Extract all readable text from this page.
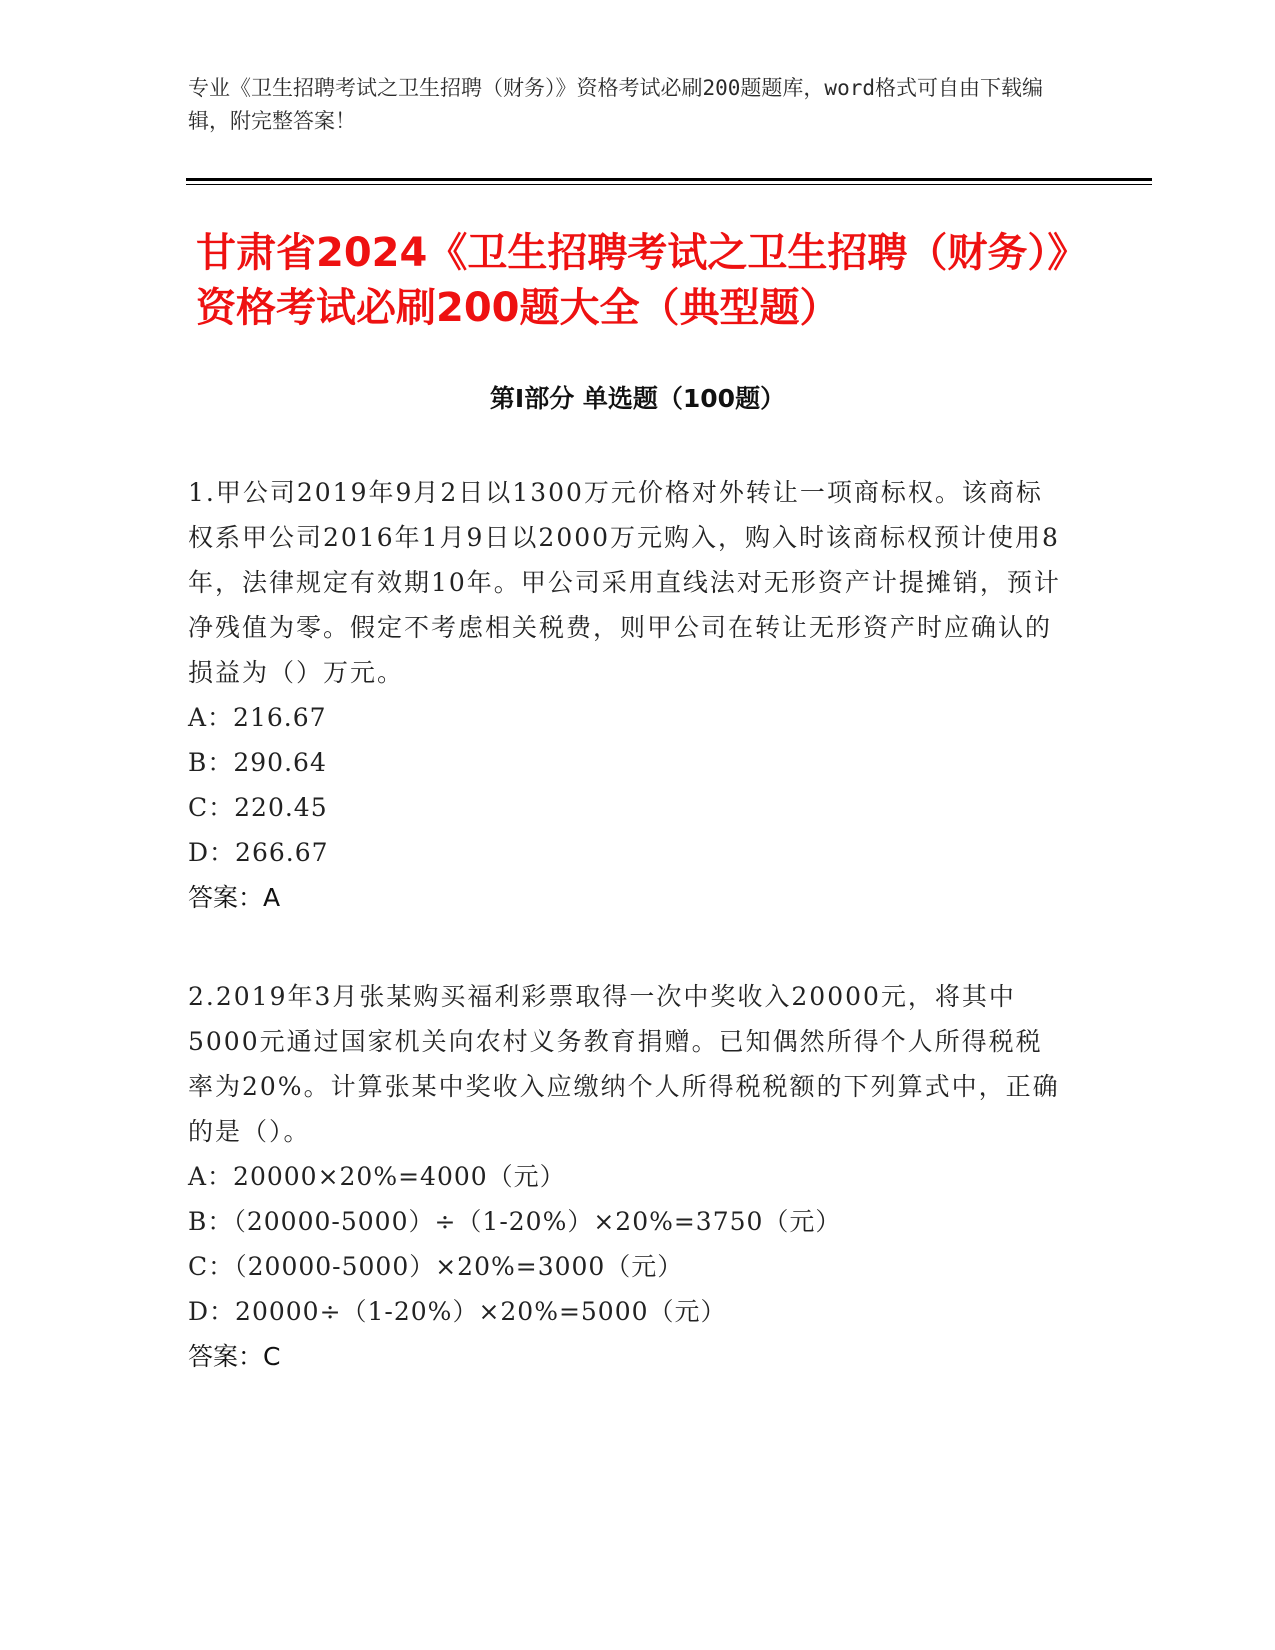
专业《卫生招聘考试之卫生招聘（财务）》资格考试必刷200题题库，word格式可自由下载编辑，附完整答案！
甘肃省2024《卫生招聘考试之卫生招聘（财务）》资格考试必刷200题大全（典型题）
第I部分 单选题（100题）
1.甲公司2019年9月2日以1300万元价格对外转让一项商标权。该商标权系甲公司2016年1月9日以2000万元购入，购入时该商标权预计使用8年，法律规定有效期10年。甲公司采用直线法对无形资产计提摊销，预计净残值为零。假定不考虑相关税费，则甲公司在转让无形资产时应确认的损益为（）万元。
A：216.67
B：290.64
C：220.45
D：266.67
答案：A
2.2019年3月张某购买福利彩票取得一次中奖收入20000元，将其中5000元通过国家机关向农村义务教育捐赠。已知偶然所得个人所得税税率为20%。计算张某中奖收入应缴纳个人所得税税额的下列算式中，正确的是（）。
A：20000×20%=4000（元）
B：（20000-5000）÷（1-20%）×20%=3750（元）
C：（20000-5000）×20%=3000（元）
D：20000÷（1-20%）×20%=5000（元）
答案：C
